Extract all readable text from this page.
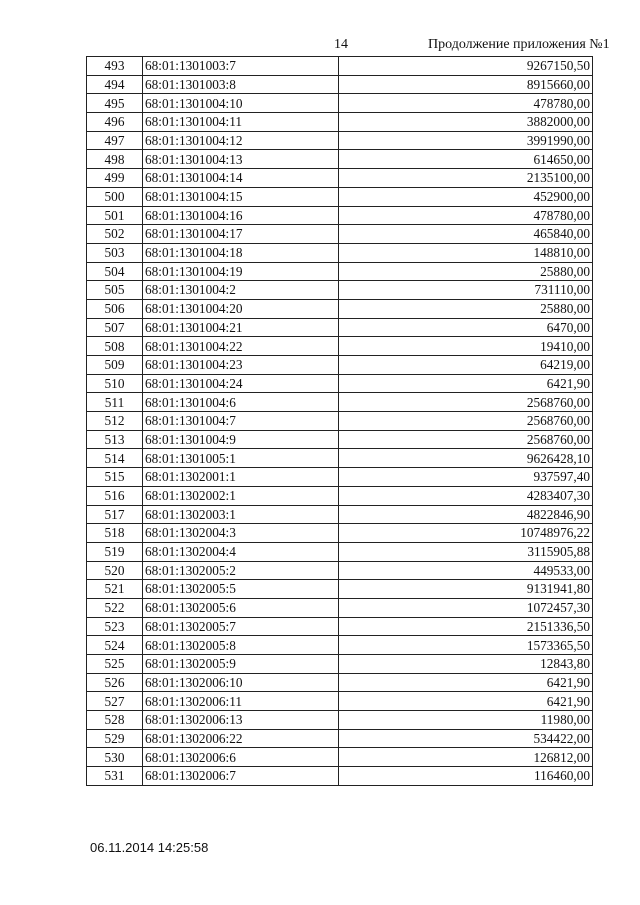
14	Продолжение приложения №1
493	68:01:1301003:7	9267150,50
494	68:01:1301003:8	8915660,00
495	68:01:1301004:10	478780,00
496	68:01:1301004:11	3882000,00
497	68:01:1301004:12	3991990,00
498	68:01:1301004:13	614650,00
499	68:01:1301004:14	2135100,00
500	68:01:1301004:15	452900,00
501	68:01:1301004:16	478780,00
502	68:01:1301004:17	465840,00
503	68:01:1301004:18	148810,00
504	68:01:1301004:19	25880,00
505	68:01:1301004:2	731110,00
506	68:01:1301004:20	25880,00
507	68:01:1301004:21	6470,00
508	68:01:1301004:22	19410,00
509	68:01:1301004:23	64219,00
510	68:01:1301004:24	6421,90
511	68:01:1301004:6	2568760,00
512	68:01:1301004:7	2568760,00
513	68:01:1301004:9	2568760,00
514	68:01:1301005:1	9626428,10
515	68:01:1302001:1	937597,40
516	68:01:1302002:1	4283407,30
517	68:01:1302003:1	4822846,90
518	68:01:1302004:3	10748976,22
519	68:01:1302004:4	3115905,88
520	68:01:1302005:2	449533,00
521	68:01:1302005:5	9131941,80
522	68:01:1302005:6	1072457,30
523	68:01:1302005:7	2151336,50
524	68:01:1302005:8	1573365,50
525	68:01:1302005:9	12843,80
526	68:01:1302006:10	6421,90
527	68:01:1302006:11	6421,90
528	68:01:1302006:13	11980,00
529	68:01:1302006:22	534422,00
530	68:01:1302006:6	126812,00
531	68:01:1302006:7	116460,00
06.11.2014 14:25:58
